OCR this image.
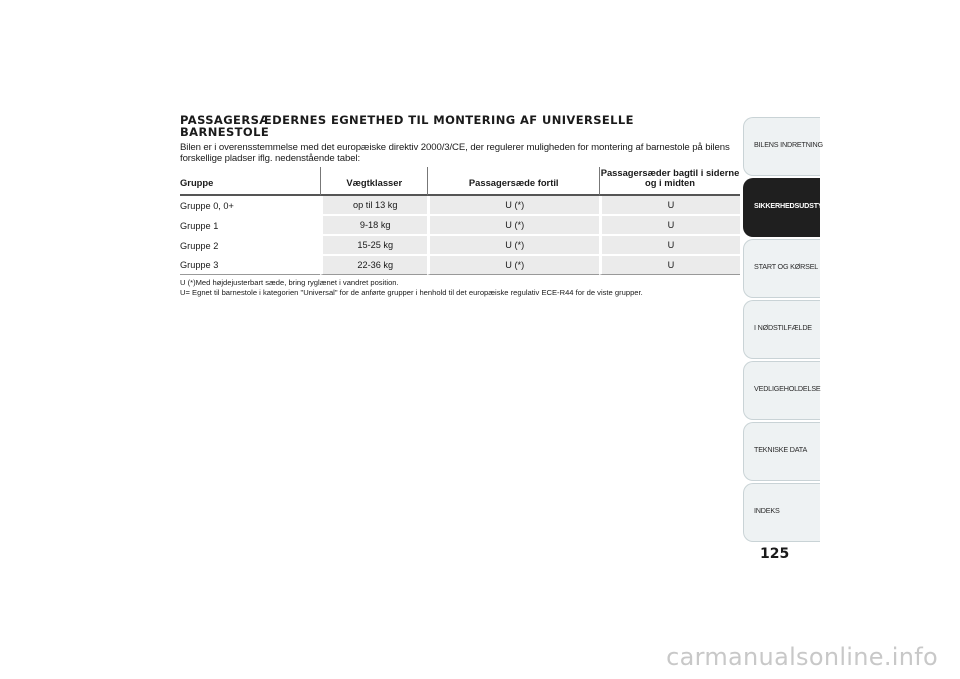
PASSAGERSÆDERNES EGNETHED TIL MONTERING AF UNIVERSELLE
BARNESTOLE

Bilen er i overensstemmelse med det europæiske direktiv 2000/3/CE, der regulerer muligheden for montering af barnestole på bilens forskellige pladser iflg. nedenstående tabel:

Gruppe	Vægtklasser	Passagersæde fortil	Passagersæder bagtil i siderne og i midten
Gruppe 0, 0+	op til 13 kg	U (*)	U
Gruppe 1	9-18 kg	U (*)	U
Gruppe 2	15-25 kg	U (*)	U
Gruppe 3	22-36 kg	U (*)	U
U (*)Med højdejusterbart sæde, bring ryglænet i vandret position.
U= Egnet til barnestole i kategorien "Universal" for de anførte grupper i henhold til det europæiske regulativ ECE-R44 for de viste grupper.
BILENS INDRETNING
SIKKERHEDSUDSTYR
START OG KØRSEL
I NØDSTILFÆLDE
VEDLIGEHOLDELSE
TEKNISKE DATA
INDEKS
125
carmanualsonline.info
